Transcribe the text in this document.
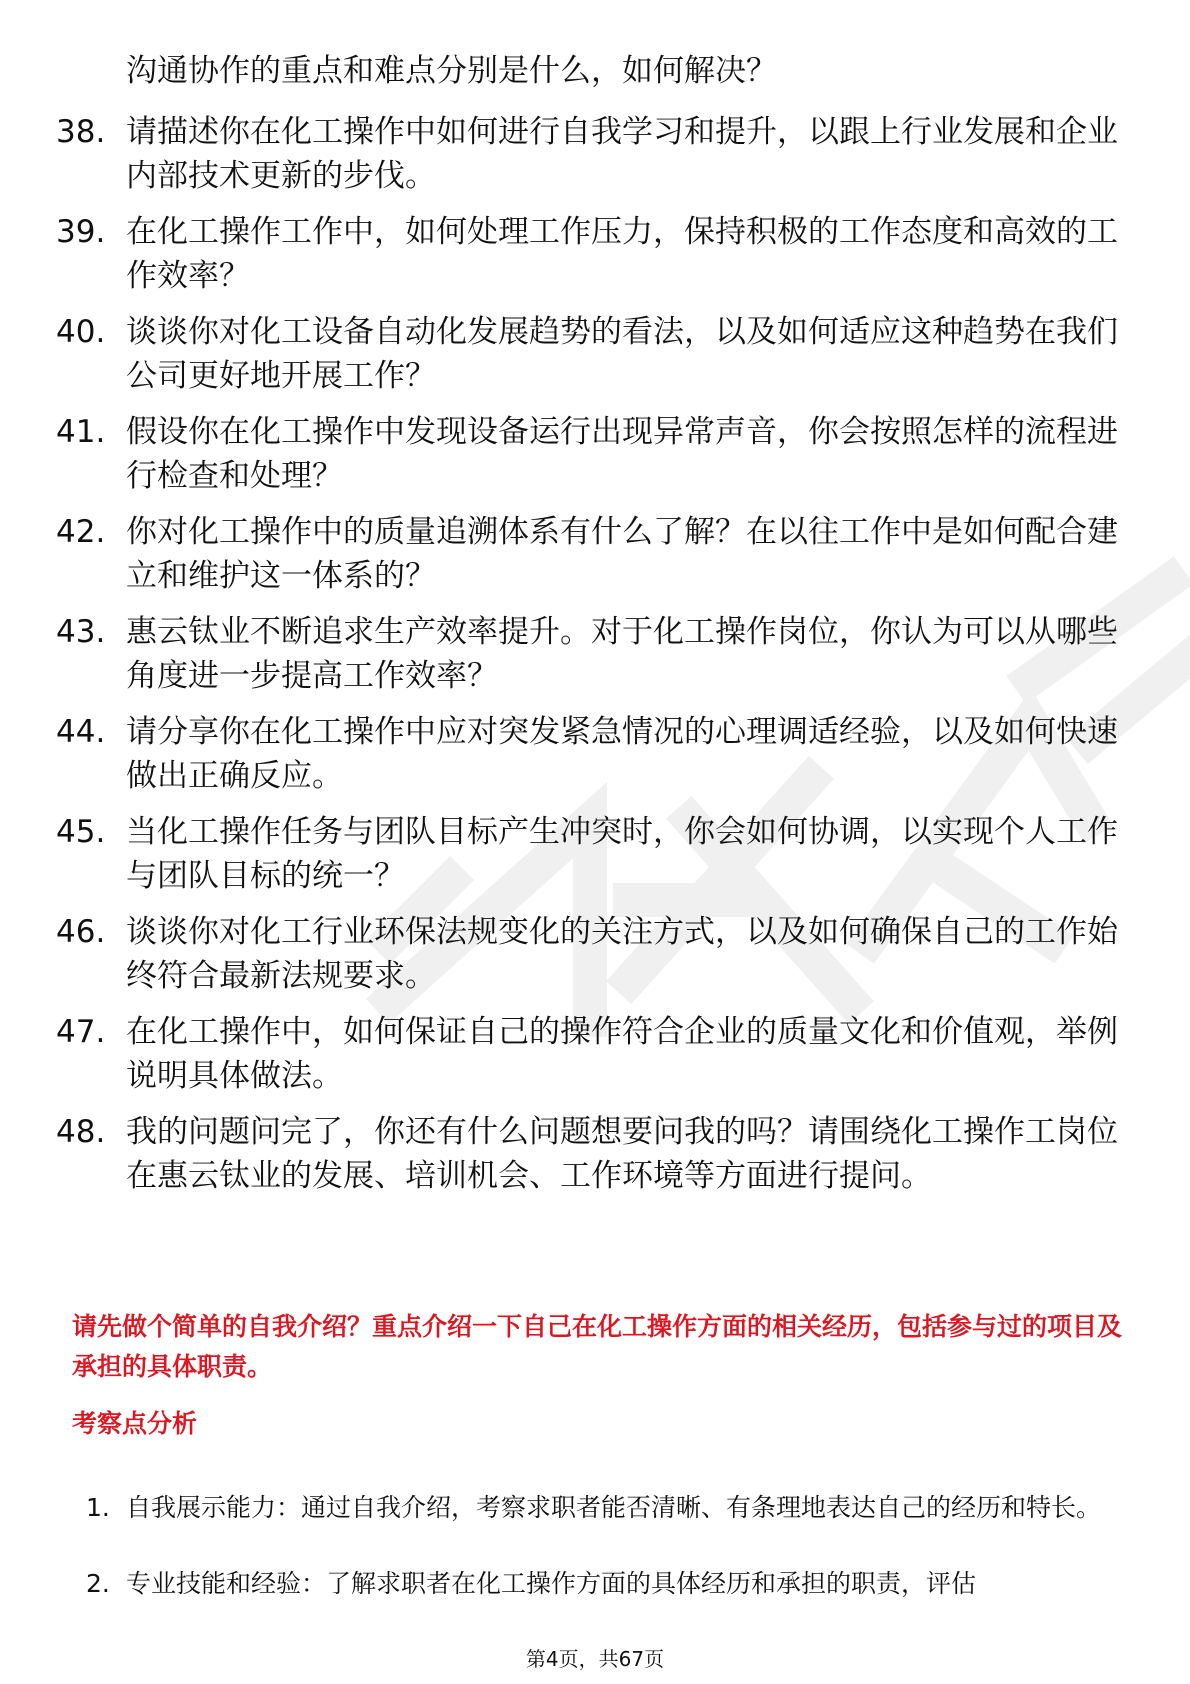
沟通协作的重点和难点分别是什么，如何解决？

38. 请描述你在化工操作中如何进行自我学习和提升，以跟上行业发展和企业内部技术更新的步伐。
39. 在化工操作工作中，如何处理工作压力，保持积极的工作态度和高效的工作效率？
40. 谈谈你对化工设备自动化发展趋势的看法，以及如何适应这种趋势在我们公司更好地开展工作？
41. 假设你在化工操作中发现设备运行出现异常声音，你会按照怎样的流程进行检查和处理？
42. 你对化工操作中的质量追溯体系有什么了解？在以往工作中是如何配合建立和维护这一体系的？
43. 惠云钛业不断追求生产效率提升。对于化工操作岗位，你认为可以从哪些角度进一步提高工作效率？
44. 请分享你在化工操作中应对突发紧急情况的心理调适经验，以及如何快速做出正确反应。
45. 当化工操作任务与团队目标产生冲突时，你会如何协调，以实现个人工作与团队目标的统一？
46. 谈谈你对化工行业环保法规变化的关注方式，以及如何确保自己的工作始终符合最新法规要求。
47. 在化工操作中，如何保证自己的操作符合企业的质量文化和价值观，举例说明具体做法。
48. 我的问题问完了，你还有什么问题想要问我的吗？请围绕化工操作工岗位在惠云钛业的发展、培训机会、工作环境等方面进行提问。

请先做个简单的自我介绍？重点介绍一下自己在化工操作方面的相关经历，包括参与过的项目及承担的具体职责。

考察点分析
1. 自我展示能力：通过自我介绍，考察求职者能否清晰、有条理地表达自己的经历和特长。
2. 专业技能和经验：了解求职者在化工操作方面的具体经历和承担的职责，评估
第4页，共67页
